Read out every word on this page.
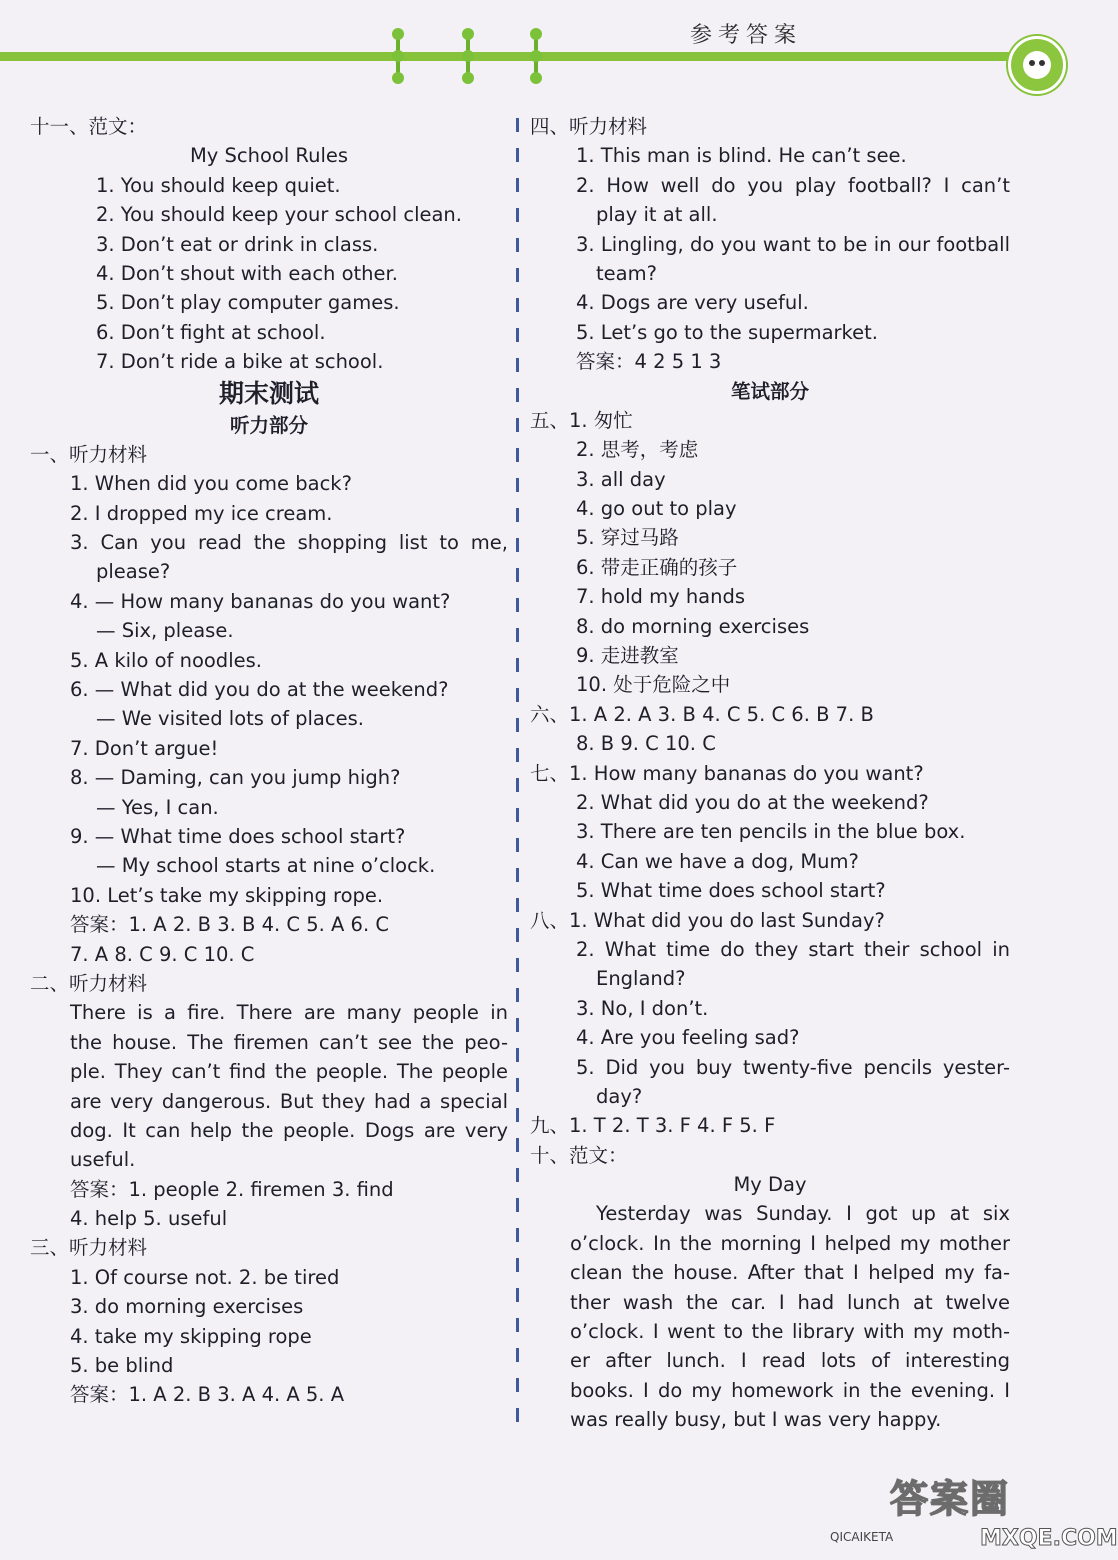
参考答案
十一、范文：
My School Rules
1. You should keep quiet.
2. You should keep your school clean.
3. Don’t eat or drink in class.
4. Don’t shout with each other.
5. Don’t play computer games.
6. Don’t fight at school.
7. Don’t ride a bike at school.
期末测试
听力部分
一、听力材料
1. When did you come back?
2. I dropped my ice cream.
3. Can you read the shopping list to me,
please?
4. — How many bananas do you want?
— Six, please.
5. A kilo of noodles.
6. — What did you do at the weekend?
— We visited lots of places.
7. Don’t argue!
8. — Daming, can you jump high?
— Yes, I can.
9. — What time does school start?
— My school starts at nine o’clock.
10. Let’s take my skipping rope.
答案：1. A 2. B 3. B 4. C 5. A 6. C
7. A 8. C 9. C 10. C
二、听力材料
There is a fire. There are many people in
the house. The firemen can’t see the peo-
ple. They can’t find the people. The people
are very dangerous. But they had a special
dog. It can help the people. Dogs are very
useful.
答案：1. people 2. firemen 3. find
4. help 5. useful
三、听力材料
1. Of course not. 2. be tired
3. do morning exercises
4. take my skipping rope
5. be blind
答案：1. A 2. B 3. A 4. A 5. A
四、听力材料
1. This man is blind. He can’t see.
2. How well do you play football? I can’t
play it at all.
3. Lingling, do you want to be in our football
team?
4. Dogs are very useful.
5. Let’s go to the supermarket.
答案：4 2 5 1 3
笔试部分
五、1. 匆忙
2. 思考，考虑
3. all day
4. go out to play
5. 穿过马路
6. 带走正确的孩子
7. hold my hands
8. do morning exercises
9. 走进教室
10. 处于危险之中
六、1. A 2. A 3. B 4. C 5. C 6. B 7. B
8. B 9. C 10. C
七、1. How many bananas do you want?
2. What did you do at the weekend?
3. There are ten pencils in the blue box.
4. Can we have a dog, Mum?
5. What time does school start?
八、1. What did you do last Sunday?
2. What time do they start their school in
England?
3. No, I don’t.
4. Are you feeling sad?
5. Did you buy twenty-five pencils yester-
day?
九、1. T 2. T 3. F 4. F 5. F
十、范文：
My Day
Yesterday was Sunday. I got up at six
o’clock. In the morning I helped my mother
clean the house. After that I helped my fa-
ther wash the car. I had lunch at twelve
o’clock. I went to the library with my moth-
er after lunch. I read lots of interesting
books. I do my homework in the evening. I
was really busy, but I was very happy.
QICAIKETA
答案圈
MXQE.COM
